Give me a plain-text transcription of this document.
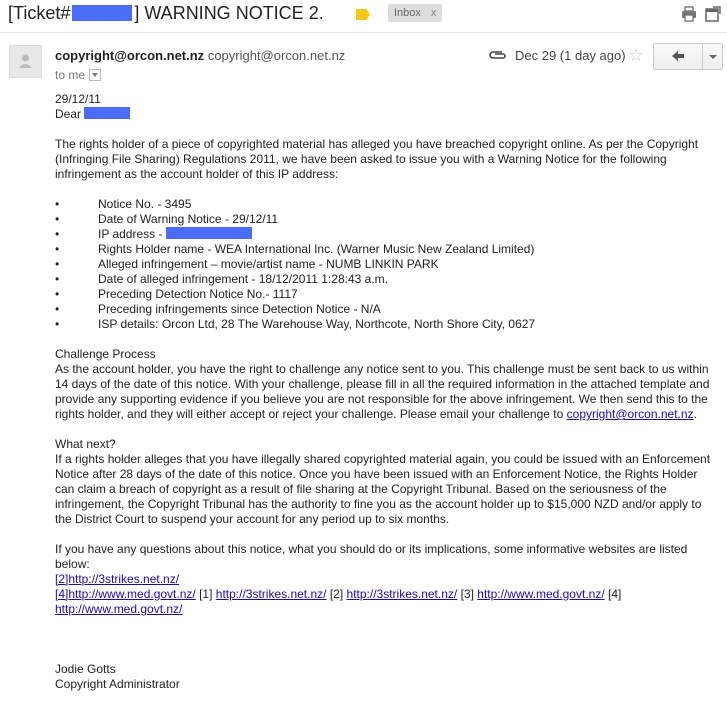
[Ticket#	] WARNING NOTICE 2.	Inbox x
copyright@orcon.net.nz copyright@orcon.net.nz
to me
Dec 29 (1 day ago) ☆

29/12/11

Dear

The rights holder of a piece of copyrighted material has alleged you have breached copyright online. As per the Copyright (Infringing File Sharing) Regulations 2011, we have been asked to issue you with a Warning Notice for the following infringement as the account holder of this IP address:

•	Notice No. - 3495
•	Date of Warning Notice - 29/12/11
•	IP address -
•	Rights Holder name - WEA International Inc. (Warner Music New Zealand Limited)
•	Alleged infringement – movie/artist name - NUMB LINKIN PARK
•	Date of alleged infringement - 18/12/2011 1:28:43 a.m.
•	Preceding Detection Notice No.- 1117
•	Preceding infringements since Detection Notice - N/A
•	ISP details: Orcon Ltd, 28 The Warehouse Way, Northcote, North Shore City, 0627

Challenge Process

As the account holder, you have the right to challenge any notice sent to you. This challenge must be sent back to us within 14 days of the date of this notice. With your challenge, please fill in all the required information in the attached template and provide any supporting evidence if you believe you are not responsible for the above infringement. We then send this to the rights holder, and they will either accept or reject your challenge. Please email your challenge to copyright@orcon.net.nz.

What next?

If a rights holder alleges that you have illegally shared copyrighted material again, you could be issued with an Enforcement Notice after 28 days of the date of this notice. Once you have been issued with an Enforcement Notice, the Rights Holder can claim a breach of copyright as a result of file sharing at the Copyright Tribunal. Based on the seriousness of the infringement, the Copyright Tribunal has the authority to fine you as the account holder up to $15,000 NZD and/or apply to the District Court to suspend your account for any period up to six months.

If you have any questions about this notice, what you should do or its implications, some informative websites are listed below:

[2]http://3strikes.net.nz/

[4]http://www.med.govt.nz/ [1] http://3strikes.net.nz/ [2] http://3strikes.net.nz/ [3] http://www.med.govt.nz/ [4]

http://www.med.govt.nz/

Jodie Gotts

Copyright Administrator
